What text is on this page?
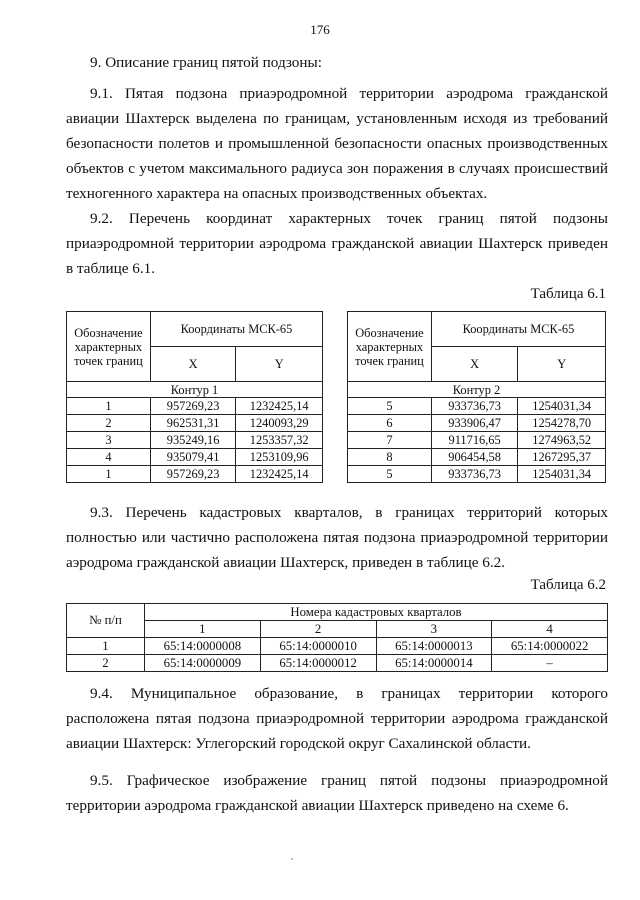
176
9. Описание границ пятой подзоны:
9.1. Пятая подзона приаэродромной территории аэродрома гражданской авиации Шахтерск выделена по границам, установленным исходя из требований безопасности полетов и промышленной безопасности опасных производственных объектов с учетом максимального радиуса зон поражения в случаях происшествий техногенного характера на опасных производственных объектах.
9.2. Перечень координат характерных точек границ пятой подзоны приаэродромной территории аэродрома гражданской авиации Шахтерск приведен в таблице 6.1.
Таблица 6.1
Обозначение характерных точек границ	Координаты МСК-65	
	X	Y
Контур 1		
1	957269,23	1232425,14
2	962531,31	1240093,29
3	935249,16	1253357,32
4	935079,41	1253109,96
1	957269,23	1232425,14
Обозначение характерных точек границ	Координаты МСК-65	
	X	Y
Контур 2		
5	933736,73	1254031,34
6	933906,47	1254278,70
7	911716,65	1274963,52
8	906454,58	1267295,37
5	933736,73	1254031,34
9.3. Перечень кадастровых кварталов, в границах территорий которых полностью или частично расположена пятая подзона приаэродромной территории аэродрома гражданской авиации Шахтерск, приведен в таблице 6.2.
Таблица 6.2
№ п/п	Номера кадастровых кварталов			
	1	2	3	4
1	65:14:0000008	65:14:0000010	65:14:0000013	65:14:0000022
2	65:14:0000009	65:14:0000012	65:14:0000014	–
9.4. Муниципальное образование, в границах территории которого расположена пятая подзона приаэродромной территории аэродрома гражданской авиации Шахтерск: Углегорский городской округ Сахалинской области.
9.5. Графическое изображение границ пятой подзоны приаэродромной территории аэродрома гражданской авиации Шахтерск приведено на схеме 6.
